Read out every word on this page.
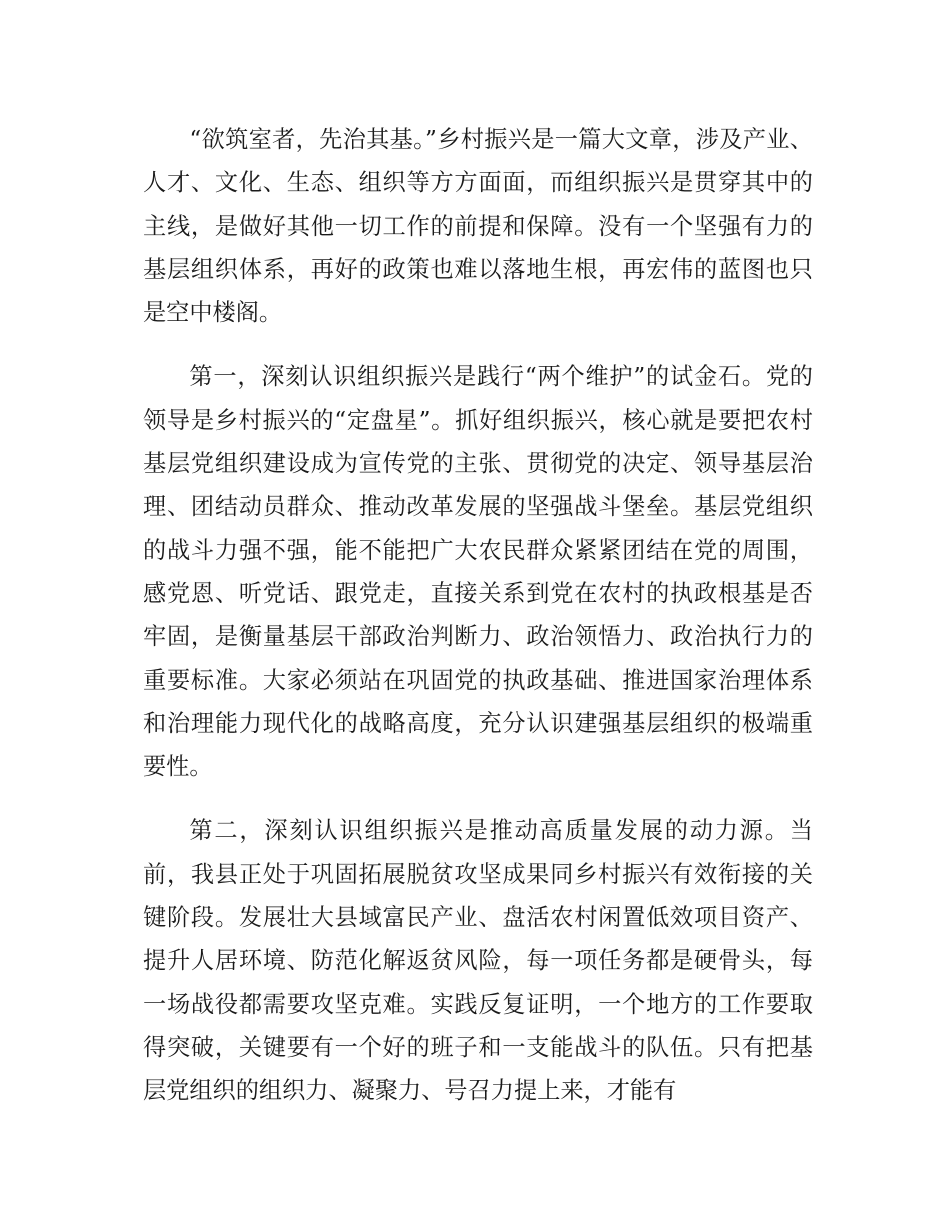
“欲筑室者，先治其基。”乡村振兴是一篇大文章，涉及产业、人才、文化、生态、组织等方方面面，而组织振兴是贯穿其中的主线，是做好其他一切工作的前提和保障。没有一个坚强有力的基层组织体系，再好的政策也难以落地生根，再宏伟的蓝图也只是空中楼阁。

第一，深刻认识组织振兴是践行“两个维护”的试金石。党的领导是乡村振兴的“定盘星”。抓好组织振兴，核心就是要把农村基层党组织建设成为宣传党的主张、贯彻党的决定、领导基层治理、团结动员群众、推动改革发展的坚强战斗堡垒。基层党组织的战斗力强不强，能不能把广大农民群众紧紧团结在党的周围，感党恩、听党话、跟党走，直接关系到党在农村的执政根基是否牢固，是衡量基层干部政治判断力、政治领悟力、政治执行力的重要标准。大家必须站在巩固党的执政基础、推进国家治理体系和治理能力现代化的战略高度，充分认识建强基层组织的极端重要性。

第二，深刻认识组织振兴是推动高质量发展的动力源。当前，我县正处于巩固拓展脱贫攻坚成果同乡村振兴有效衔接的关键阶段。发展壮大县域富民产业、盘活农村闲置低效项目资产、提升人居环境、防范化解返贫风险，每一项任务都是硬骨头，每一场战役都需要攻坚克难。实践反复证明，一个地方的工作要取得突破，关键要有一个好的班子和一支能战斗的队伍。只有把基层党组织的组织力、凝聚力、号召力提上来，才能有
